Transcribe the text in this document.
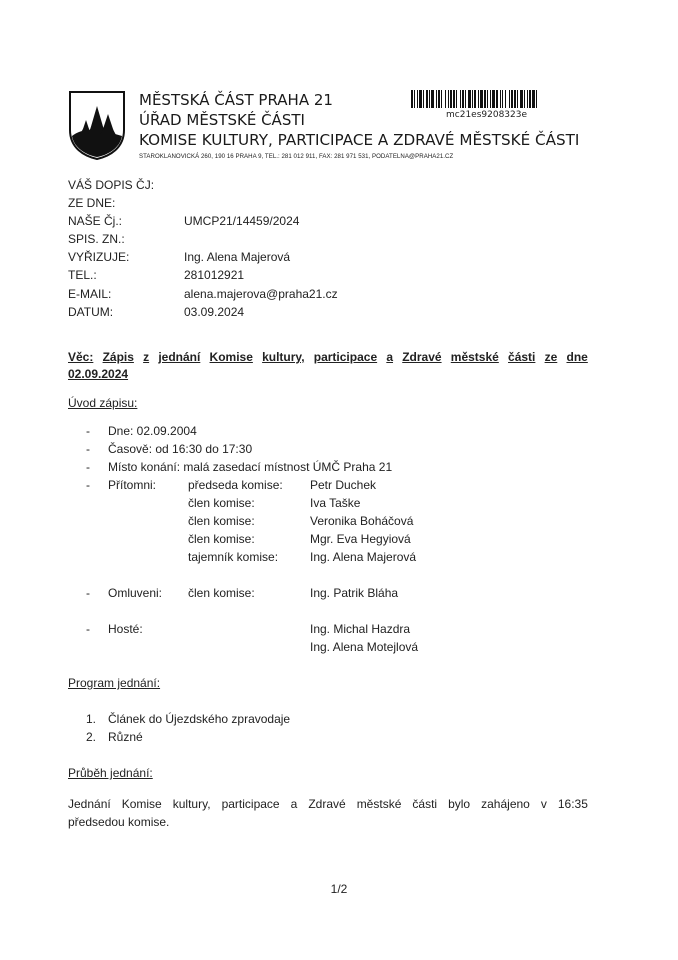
MĚSTSKÁ ČÁST PRAHA 21
ÚŘAD MĚSTSKÉ ČÁSTI
KOMISE KULTURY, PARTICIPACE A ZDRAVÉ MĚSTSKÉ ČÁSTI
STAROKLANOVICKÁ 260, 190 16 PRAHA 9, TEL.: 281 012 911, FAX: 281 971 531, PODATELNA@PRAHA21.CZ
mc21es9208323e
VÁŠ DOPIS ČJ:
ZE DNE:
NAŠE Čj.:	UMCP21/14459/2024
SPIS. ZN.:
VYŘIZUJE:	Ing. Alena Majerová
TEL.:	281012921
E-MAIL:	alena.majerova@praha21.cz
DATUM:	03.09.2024
Věc: Zápis z jednání Komise kultury, participace a Zdravé městské části ze dne
02.09.2024
Úvod zápisu:
-	Dne: 02.09.2004
-	Časově: od 16:30 do 17:30
-	Místo konání: malá zasedací místnost ÚMČ Praha 21
-	Přítomni:	předseda komise:	Petr Duchek
člen komise:	Iva Taške
člen komise:	Veronika Boháčová
člen komise:	Mgr. Eva Hegyiová
tajemník komise:	Ing. Alena Majerová
-	Omluveni:	člen komise:	Ing. Patrik Bláha
-	Hosté:	Ing. Michal Hazdra
Ing. Alena Motejlová
Program jednání:
1. Článek do Újezdského zpravodaje
2. Různé
Průběh jednání:
Jednání Komise kultury, participace a Zdravé městské části bylo zahájeno v 16:35
předsedou komise.
1/2
